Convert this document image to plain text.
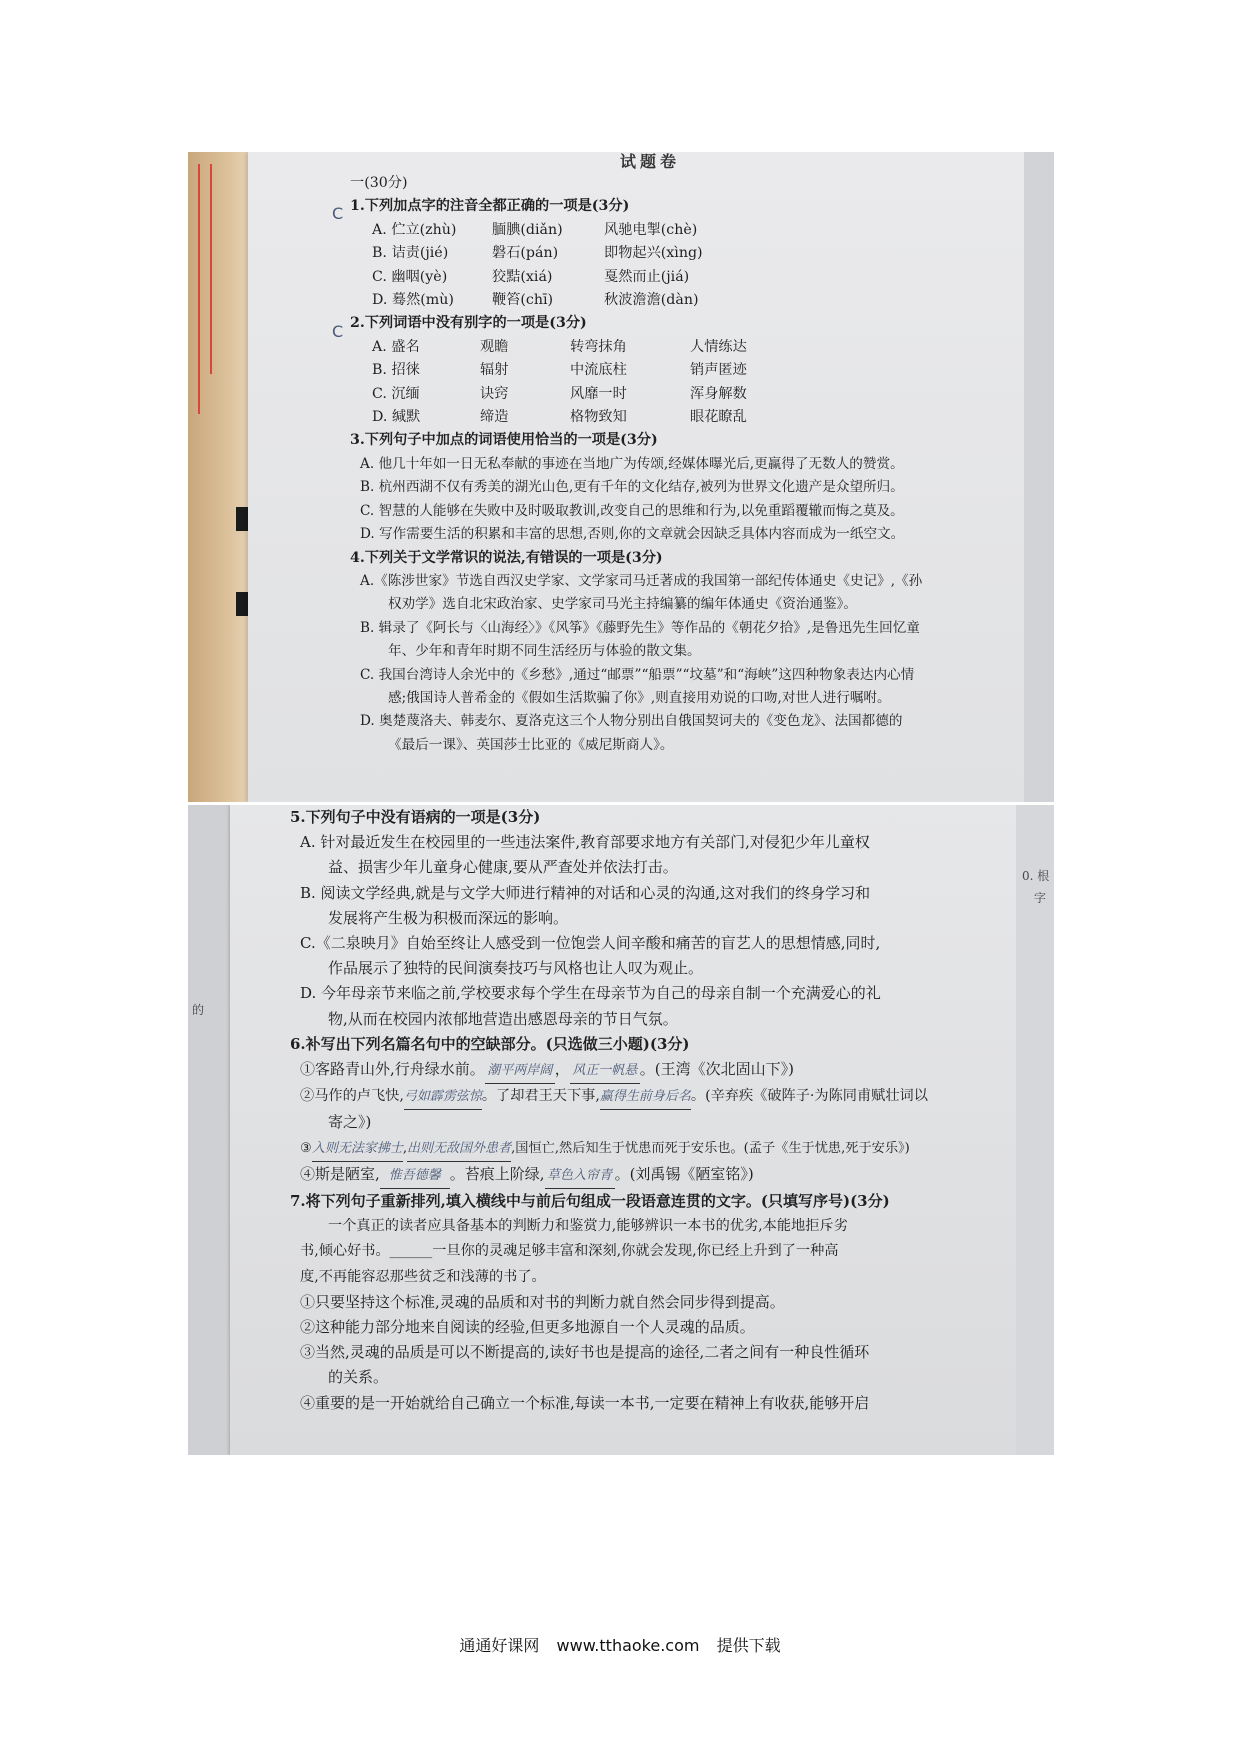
试题卷
一(30分)
1.下列加点字的注音全都正确的一项是(3分)
A. 伫立(zhù)	腼腆(diǎn)	风驰电掣(chè)
B. 诘责(jié)	磐石(pán)	即物起兴(xìng)
C. 幽咽(yè)	狡黠(xiá)	戛然而止(jiá)
D. 蓦然(mù)	鞭笞(chī)	秋波澹澹(dàn)
2.下列词语中没有别字的一项是(3分)
A. 盛名	观瞻	转弯抹角	人情练达
B. 招徕	辐射	中流底柱	销声匿迹
C. 沉缅	诀窍	风靡一时	浑身解数
D. 缄默	缔造	格物致知	眼花瞭乱
3.下列句子中加点的词语使用恰当的一项是(3分)
A. 他几十年如一日无私奉献的事迹在当地广为传颂,经媒体曝光后,更赢得了无数人的赞赏。
B. 杭州西湖不仅有秀美的湖光山色,更有千年的文化结存,被列为世界文化遗产是众望所归。
C. 智慧的人能够在失败中及时吸取教训,改变自己的思维和行为,以免重蹈覆辙而悔之莫及。
D. 写作需要生活的积累和丰富的思想,否则,你的文章就会因缺乏具体内容而成为一纸空文。
4.下列关于文学常识的说法,有错误的一项是(3分)
A.《陈涉世家》节选自西汉史学家、文学家司马迁著成的我国第一部纪传体通史《史记》,《孙
权劝学》选自北宋政治家、史学家司马光主持编纂的编年体通史《资治通鉴》。
B. 辑录了《阿长与〈山海经〉》《风筝》《藤野先生》等作品的《朝花夕拾》,是鲁迅先生回忆童
年、少年和青年时期不同生活经历与体验的散文集。
C. 我国台湾诗人余光中的《乡愁》,通过“邮票”“船票”“坟墓”和“海峡”这四种物象表达内心情
感;俄国诗人普希金的《假如生活欺骗了你》,则直接用劝说的口吻,对世人进行嘱咐。
D. 奥楚蔑洛夫、韩麦尔、夏洛克这三个人物分别出自俄国契诃夫的《变色龙》、法国都德的
《最后一课》、英国莎士比亚的《威尼斯商人》。
C
C
的
5.下列句子中没有语病的一项是(3分)
A. 针对最近发生在校园里的一些违法案件,教育部要求地方有关部门,对侵犯少年儿童权
益、损害少年儿童身心健康,要从严查处并依法打击。
B. 阅读文学经典,就是与文学大师进行精神的对话和心灵的沟通,这对我们的终身学习和
发展将产生极为积极而深远的影响。
C.《二泉映月》自始至终让人感受到一位饱尝人间辛酸和痛苦的盲艺人的思想情感,同时,
作品展示了独特的民间演奏技巧与风格也让人叹为观止。
D. 今年母亲节来临之前,学校要求每个学生在母亲节为自己的母亲自制一个充满爱心的礼
物,从而在校园内浓郁地营造出感恩母亲的节日气氛。
6.补写出下列名篇名句中的空缺部分。(只选做三小题)(3分)
①客路青山外,行舟绿水前。 潮平两岸阔 ， 风正一帆悬 。(王湾《次北固山下》)
②马作的卢飞快,弓如霹雳弦惊。了却君王天下事,赢得生前身后名。(辛弃疾《破阵子·为陈同甫赋壮词以
寄之》)
③入则无法家拂士,出则无敌国外患者,国恒亡,然后知生于忧患而死于安乐也。(孟子《生于忧患,死于安乐》)
④斯是陋室, 惟吾德馨 。苔痕上阶绿, 草色入帘青 。(刘禹锡《陋室铭》)
7.将下列句子重新排列,填入横线中与前后句组成一段语意连贯的文字。(只填写序号)(3分)
一个真正的读者应具备基本的判断力和鉴赏力,能够辨识一本书的优劣,本能地拒斥劣
书,倾心好书。______一旦你的灵魂足够丰富和深刻,你就会发现,你已经上升到了一种高
度,不再能容忍那些贫乏和浅薄的书了。
①只要坚持这个标准,灵魂的品质和对书的判断力就自然会同步得到提高。
②这种能力部分地来自阅读的经验,但更多地源自一个人灵魂的品质。
③当然,灵魂的品质是可以不断提高的,读好书也是提高的途径,二者之间有一种良性循环
的关系。
④重要的是一开始就给自己确立一个标准,每读一本书,一定要在精神上有收获,能够开启
0. 根
字
通通好课网 www.tthaoke.com 提供下载
